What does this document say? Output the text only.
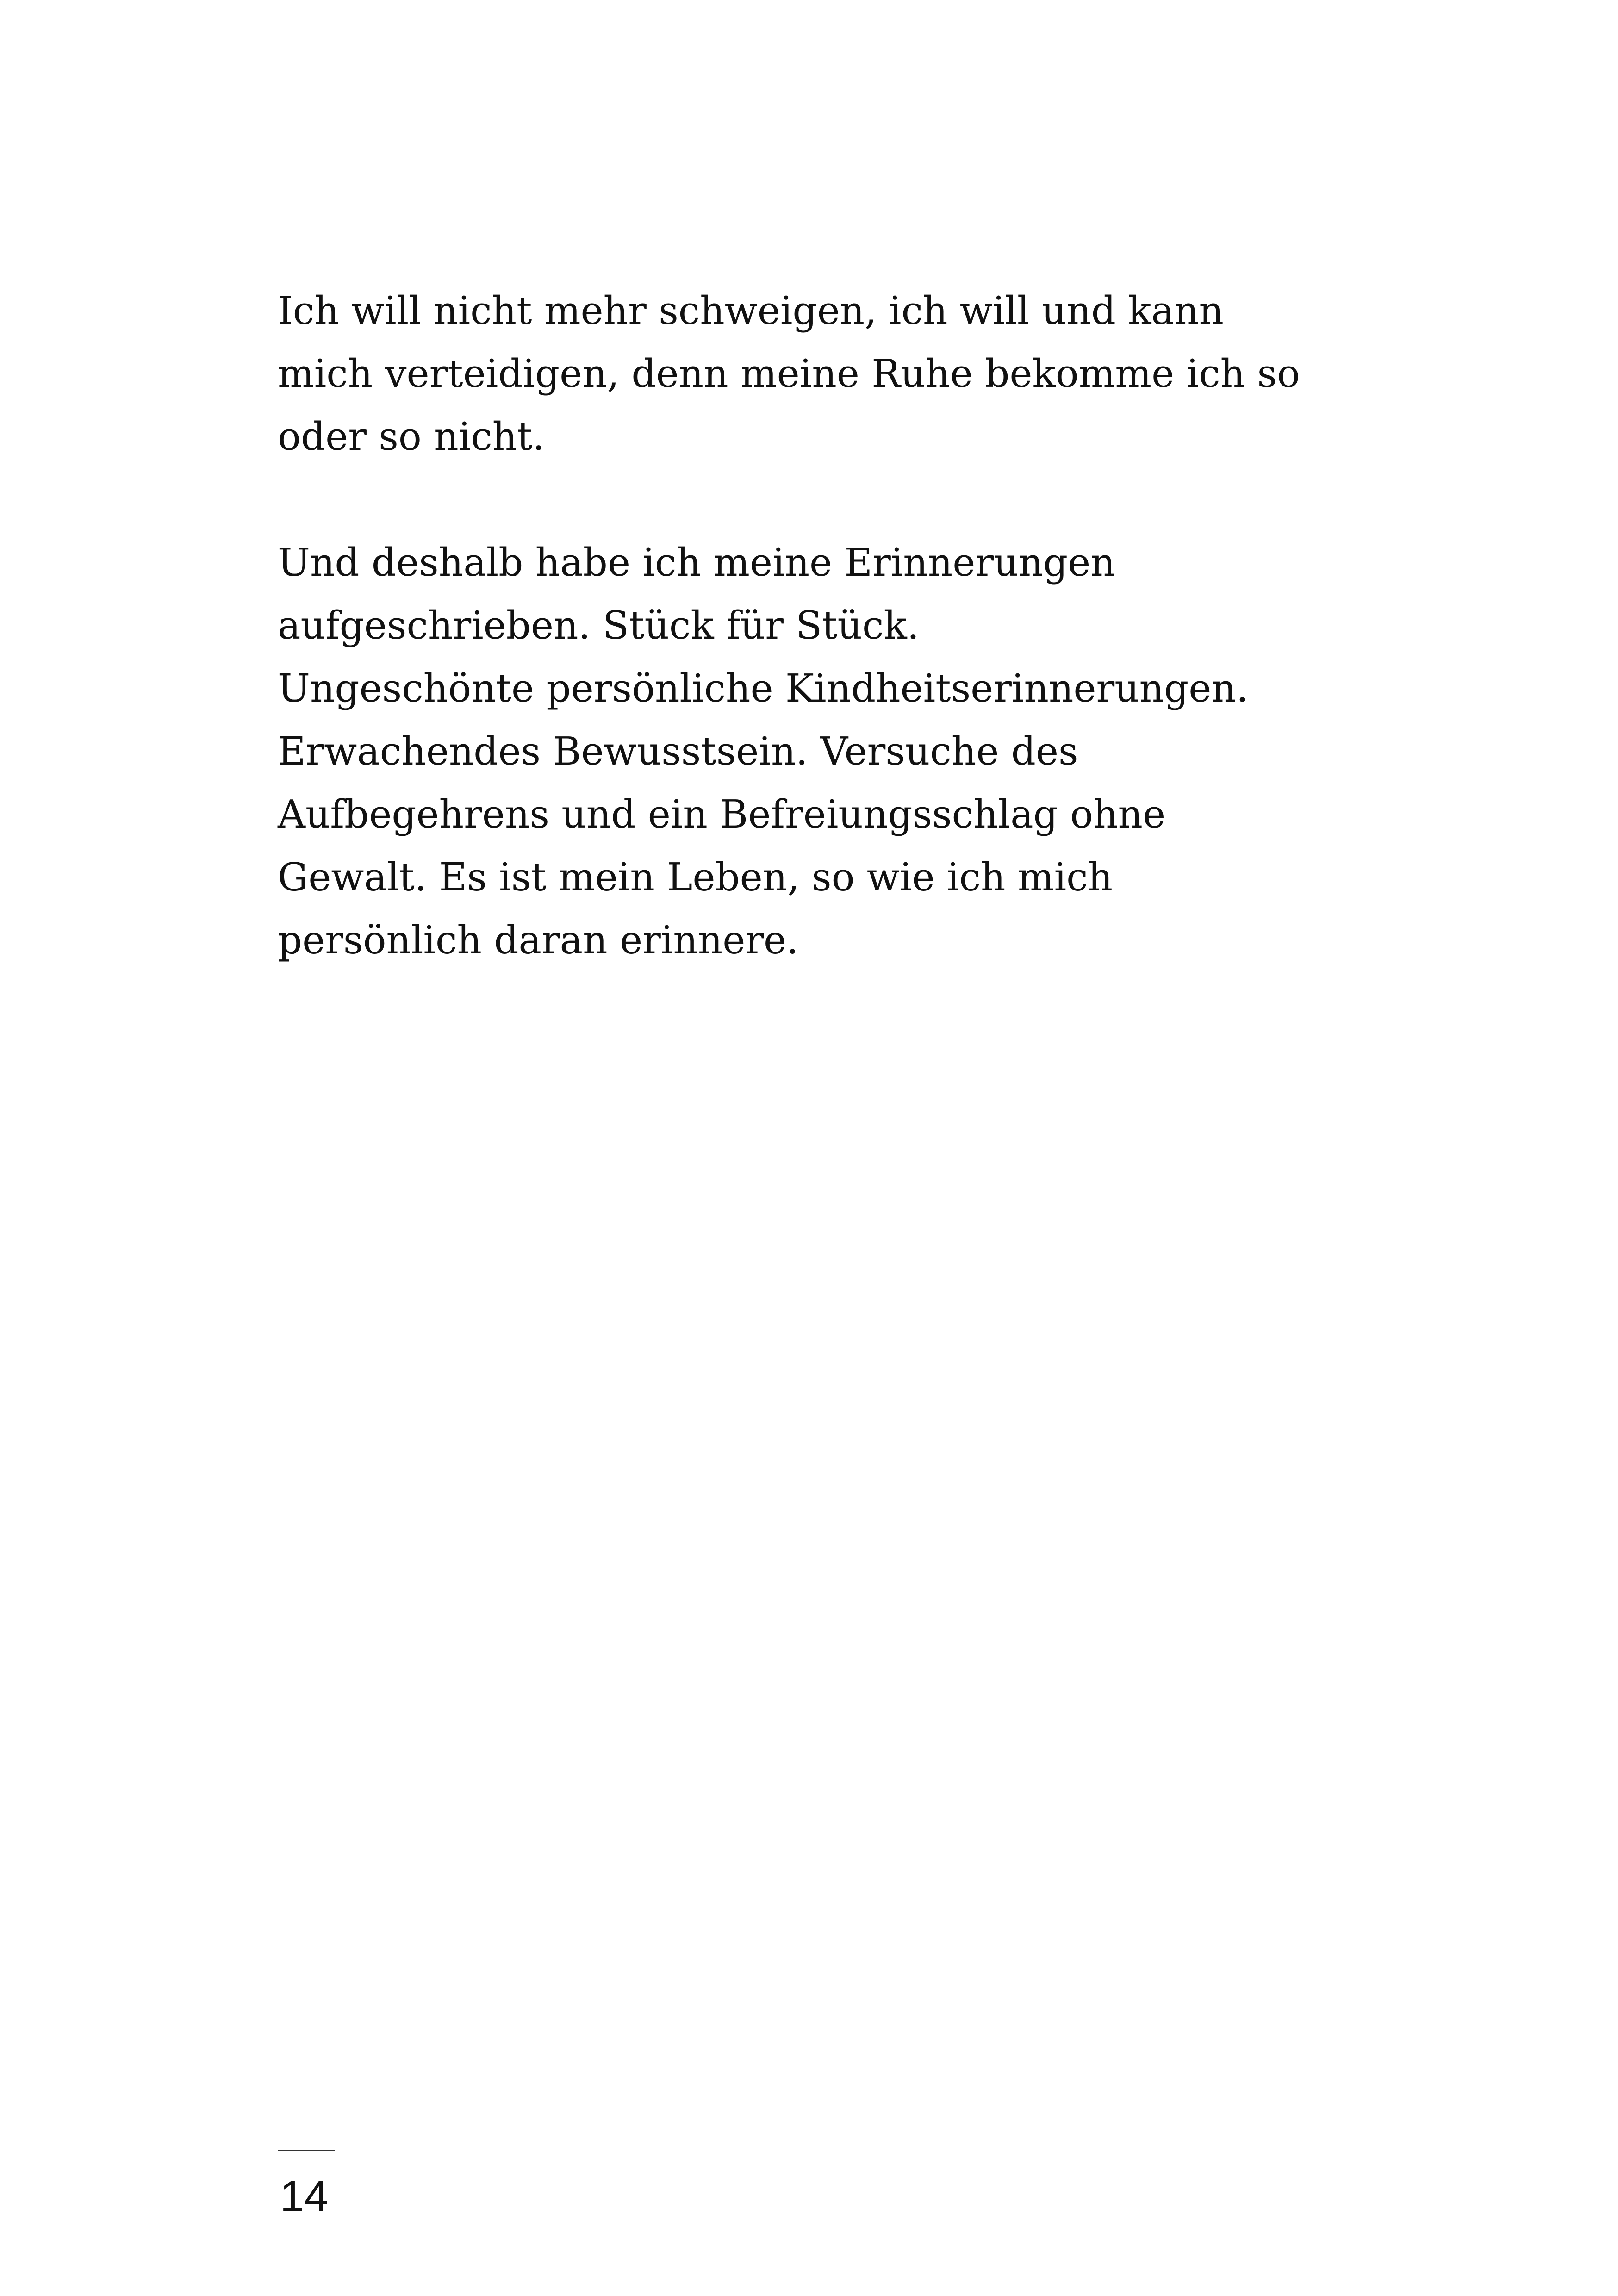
Ich will nicht mehr schweigen, ich will und kann
mich verteidigen, denn meine Ruhe bekomme ich so
oder so nicht.

Und deshalb habe ich meine Erinnerungen
aufgeschrieben. Stück für Stück.
Ungeschönte persönliche Kindheitserinnerungen.
Erwachendes Bewusstsein. Versuche des
Aufbegehrens und ein Befreiungsschlag ohne
Gewalt. Es ist mein Leben, so wie ich mich
persönlich daran erinnere.

14
